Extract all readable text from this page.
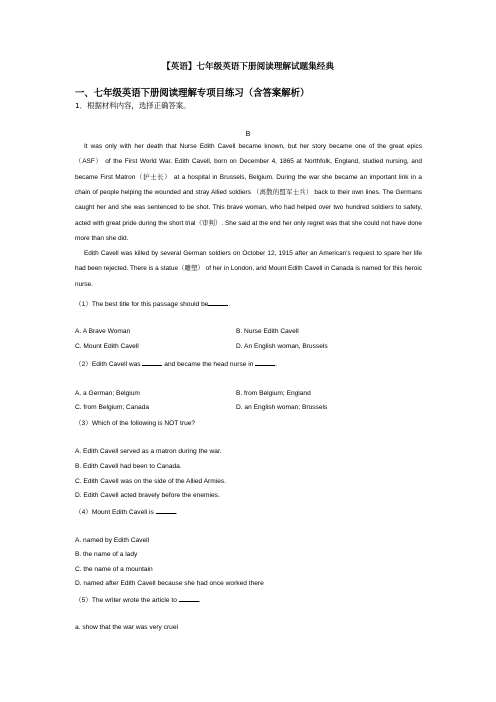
【英语】七年级英语下册阅读理解试题集经典
一、七年级英语下册阅读理解专项目练习（含答案解析）
1．根据材料内容，选择正确答案。
B

It was only with her death that Nurse Edith Cavell became known, but her story became one of the great epics （ASF） of the First World War. Edith Cavell, born on December 4, 1865 at Northfolk, England, studied nursing, and became First Matron（护士长） at a hospital in Brussels, Belgium. During the war she became an important link in a chain of people helping the wounded and stray Allied soldiers （离散的盟军士兵） back to their own lines. The Germans caught her and she was sentenced to be shot. This brave woman, who had helped over two hundred soldiers to safety, acted with great pride during the short trial（审判）. She said at the end her only regret was that she could not have done more than she did.

Edith Cavell was killed by several German soldiers on October 12, 1915 after an American's request to spare her life had been rejected. There is a statue（雕塑） of her in London, arid Mount Edith Cavell in Canada is named for this heroic nurse.

（1）The best title for this passage should be	.
A. A Brave Woman	B. Nurse Edith Cavell
C. Mount Edith Cavell	D. An English woman, Brussels
（2）Edith Cavell was	and became the head nurse in	.
A. a German; Belgium	B. from Belgium; England
C. from Belgium; Canada	D. an English woman; Brussels
（3）Which of the following is NOT true?
A. Edith Cavell served as a matron during the war.
B. Edith Cavell had been to Canada.
C. Edith Cavell was on the side of the Allied Armies.
D. Edith Cavell acted bravely before the enemies.
（4）Mount Edith Cavell is	.
A. named by Edith Cavell
B. the name of a lady
C. the name of a mountain
D. named after Edith Cavell because she had once worked there
（5）The writer wrote the article to	.
a. show that the war was very cruel
